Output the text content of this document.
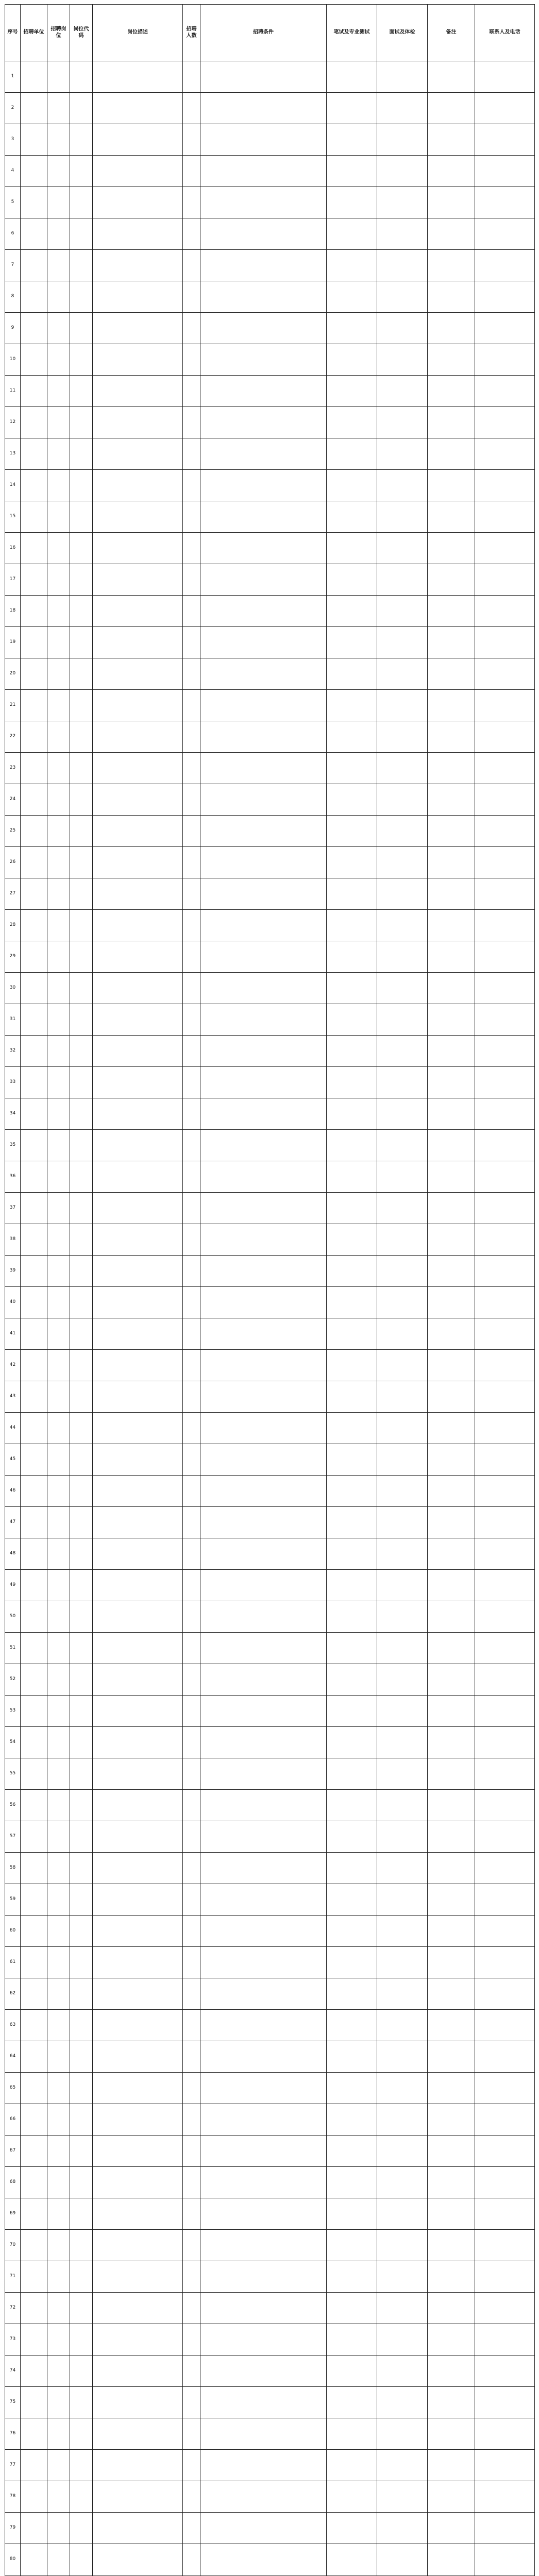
序号	招聘单位	招聘岗位	岗位代码	岗位描述	招聘人数	招聘条件	笔试及专业测试	面试及体检	备注	联系人及电话
1										
2										
3										
4										
5										
6										
7										
8										
9										
10										
11										
12										
13										
14										
15										
16										
17										
18										
19										
20										
21										
22										
23										
24										
25										
26										
27										
28										
29										
30										
31										
32										
33										
34										
35										
36										
37										
38										
39										
40										
41										
42										
43										
44										
45										
46										
47										
48										
49										
50										
51										
52										
53										
54										
55										
56										
57										
58										
59										
60										
61										
62										
63										
64										
65										
66										
67										
68										
69										
70										
71										
72										
73										
74										
75										
76										
77										
78										
79										
80										
